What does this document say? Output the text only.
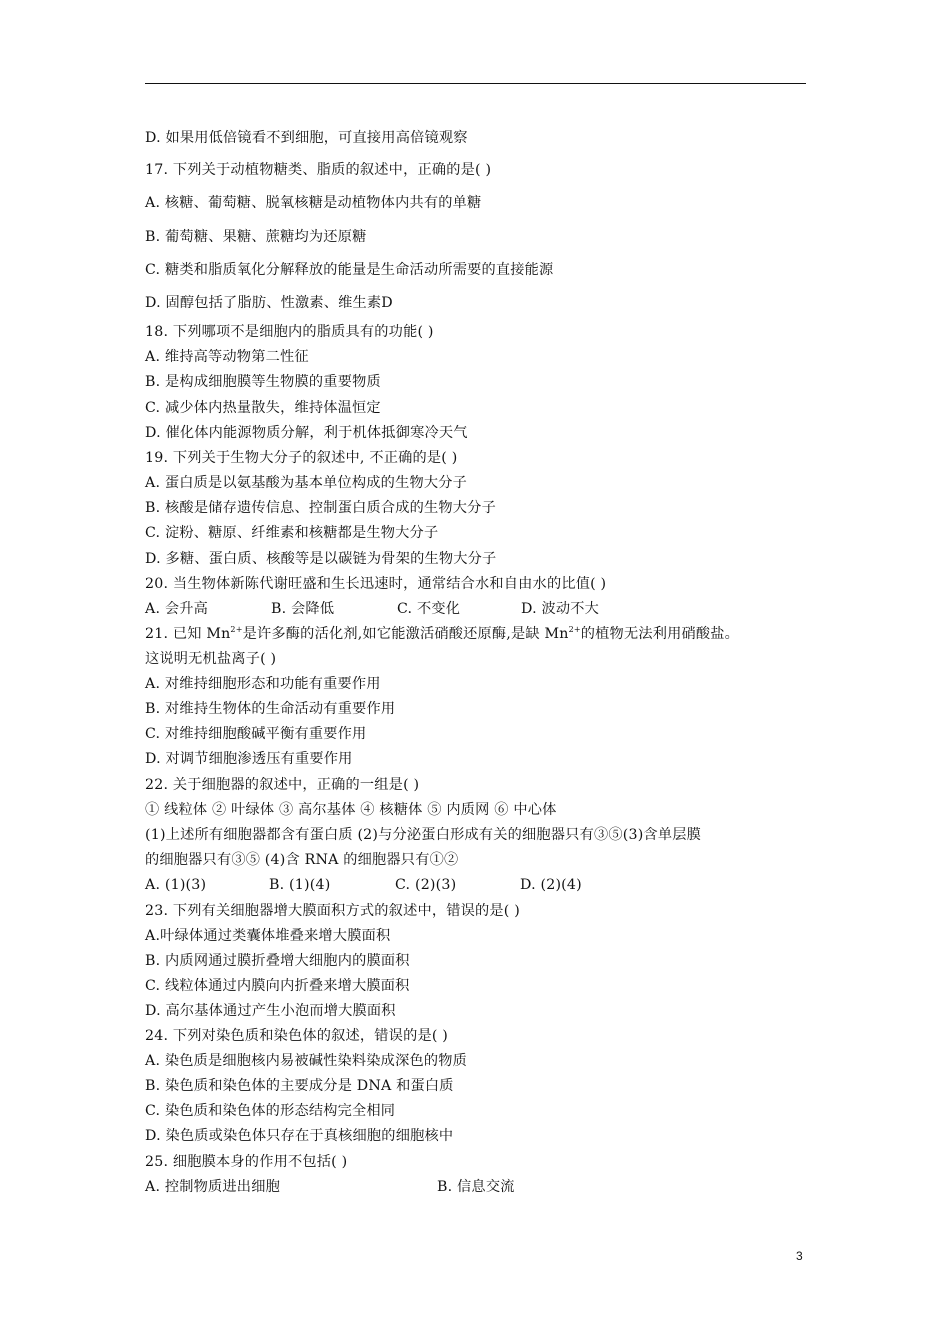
D. 如果用低倍镜看不到细胞，可直接用高倍镜观察
17. 下列关于动植物糖类、脂质的叙述中，正确的是( )
A. 核糖、葡萄糖、脱氧核糖是动植物体内共有的单糖
B. 葡萄糖、果糖、蔗糖均为还原糖
C. 糖类和脂质氧化分解释放的能量是生命活动所需要的直接能源
D. 固醇包括了脂肪、性激素、维生素D
18. 下列哪项不是细胞内的脂质具有的功能( )
A. 维持高等动物第二性征
B. 是构成细胞膜等生物膜的重要物质
C. 减少体内热量散失，维持体温恒定
D. 催化体内能源物质分解，利于机体抵御寒冷天气
19. 下列关于生物大分子的叙述中, 不正确的是( )
A. 蛋白质是以氨基酸为基本单位构成的生物大分子
B. 核酸是储存遗传信息、控制蛋白质合成的生物大分子
C. 淀粉、糖原、纤维素和核糖都是生物大分子
D. 多糖、蛋白质、核酸等是以碳链为骨架的生物大分子
20. 当生物体新陈代谢旺盛和生长迅速时，通常结合水和自由水的比值( )
A. 会升高	B. 会降低	C. 不变化	D. 波动不大
21. 已知 $Mn^{2+}$是许多酶的活化剂,如它能激活硝酸还原酶,是缺 $Mn^{2+}$的植物无法利用硝酸盐。
这说明无机盐离子( )
A. 对维持细胞形态和功能有重要作用
B. 对维持生物体的生命活动有重要作用
C. 对维持细胞酸碱平衡有重要作用
D. 对调节细胞渗透压有重要作用
22. 关于细胞器的叙述中，正确的一组是( )
① 线粒体 ② 叶绿体 ③ 高尔基体 ④ 核糖体 ⑤ 内质网 ⑥ 中心体
(1)上述所有细胞器都含有蛋白质 (2)与分泌蛋白形成有关的细胞器只有③⑤(3)含单层膜
的细胞器只有③⑤ (4)含 RNA 的细胞器只有①②
A. (1)(3)	B. (1)(4)	C. (2)(3)	D. (2)(4)
23. 下列有关细胞器增大膜面积方式的叙述中，错误的是( )
A.叶绿体通过类囊体堆叠来增大膜面积
B. 内质网通过膜折叠增大细胞内的膜面积
C. 线粒体通过内膜向内折叠来增大膜面积
D. 高尔基体通过产生小泡而增大膜面积
24. 下列对染色质和染色体的叙述，错误的是( )
A. 染色质是细胞核内易被碱性染料染成深色的物质
B. 染色质和染色体的主要成分是 DNA 和蛋白质
C. 染色质和染色体的形态结构完全相同
D. 染色质或染色体只存在于真核细胞的细胞核中
25. 细胞膜本身的作用不包括( )
A. 控制物质进出细胞	B. 信息交流
3
